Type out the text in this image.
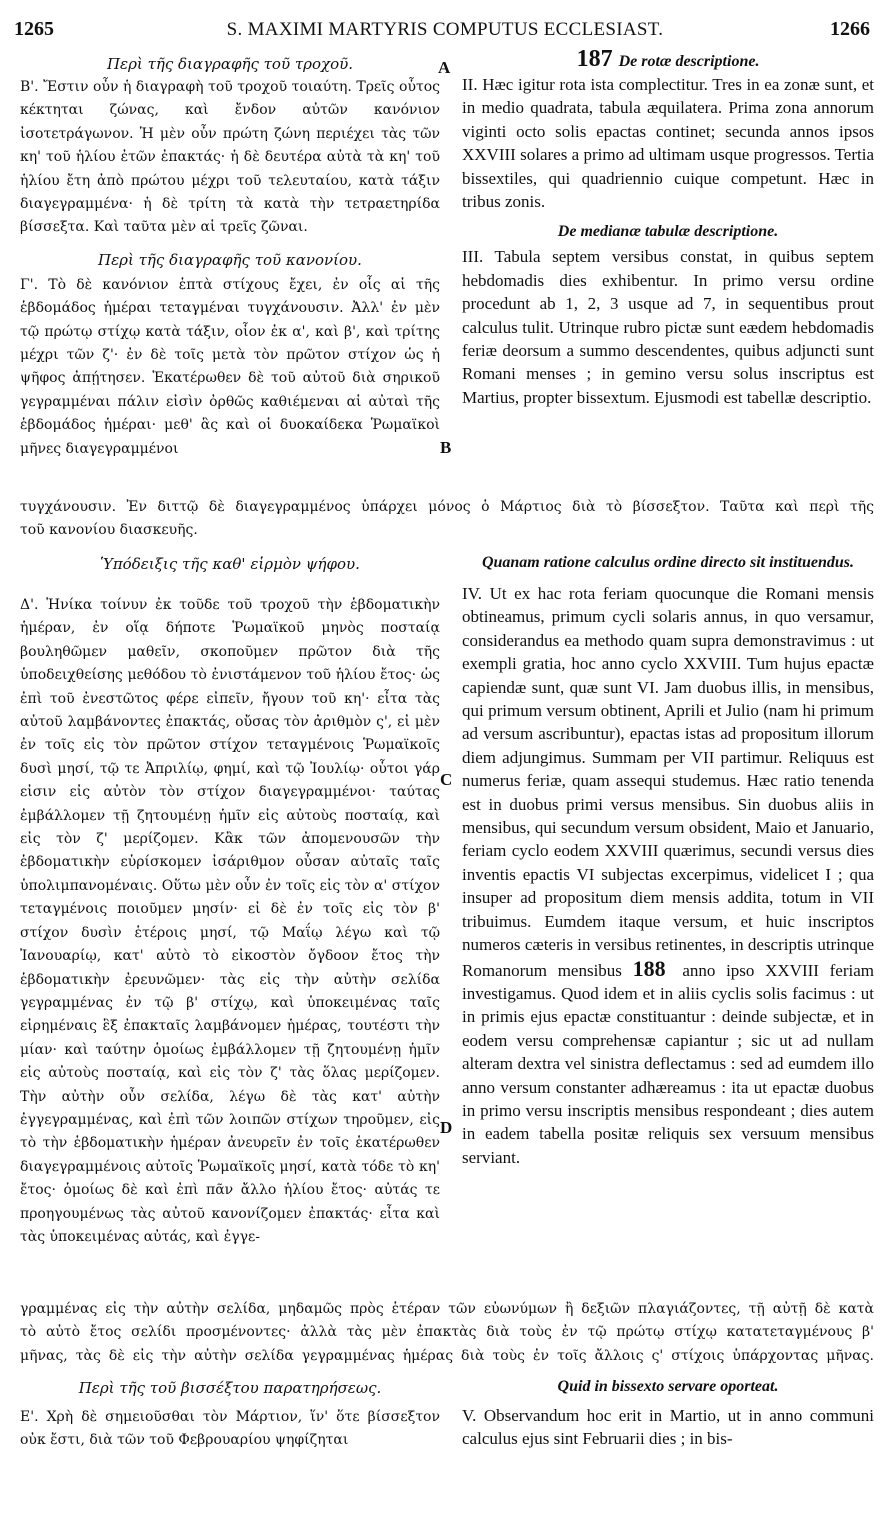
1265	S. MAXIMI MARTYRIS COMPUTUS ECCLESIAST.	1266
A
B
C
D

Περὶ τῆς διαγραφῆς τοῦ τροχοῦ.

Β'. Ἔστιν οὖν ἡ διαγραφὴ τοῦ τροχοῦ τοιαύτη. Τρεῖς οὗτος κέκτηται ζώνας, καὶ ἔνδον αὐτῶν κανόνιον ἰσοτετράγωνον. Ἡ μὲν οὖν πρώτη ζώνη περιέχει τὰς τῶν κη' τοῦ ἡλίου ἐτῶν ἐπακτάς· ἡ δὲ δευτέρα αὐτὰ τὰ κη' τοῦ ἡλίου ἔτη ἀπὸ πρώτου μέχρι τοῦ τελευταίου, κατὰ τάξιν διαγεγραμμένα· ἡ δὲ τρίτη τὰ κατὰ τὴν τετραετηρίδα βίσσεξτα. Καὶ ταῦτα μὲν αἱ τρεῖς ζῶναι.

Περὶ τῆς διαγραφῆς τοῦ κανονίου.

Γ'. Τὸ δὲ κανόνιον ἑπτὰ στίχους ἔχει, ἐν οἷς αἱ τῆς ἑβδομάδος ἡμέραι τεταγμέναι τυγχάνουσιν. Ἀλλ' ἐν μὲν τῷ πρώτῳ στίχῳ κατὰ τάξιν, οἷον ἐκ α', καὶ β', καὶ τρίτης μέχρι τῶν ζ'· ἐν δὲ τοῖς μετὰ τὸν πρῶτον στίχον ὡς ἡ ψῆφος ἀπῄτησεν. Ἑκατέρωθεν δὲ τοῦ αὐτοῦ διὰ σηρικοῦ γεγραμμέναι πάλιν εἰσὶν ὀρθῶς καθιέμεναι αἱ αὐταὶ τῆς ἑβδομάδος ἡμέραι· μεθ' ἃς καὶ οἱ δυοκαίδεκα Ῥωμαϊκοὶ μῆνες διαγεγραμμένοι

187 De rotæ descriptione.

II. Hæc igitur rota ista complectitur. Tres in ea zonæ sunt, et in medio quadrata, tabula æquilatera. Prima zona annorum viginti octo solis epactas continet; secunda annos ipsos XXVIII solares a primo ad ultimam usque progressos. Tertia bissextiles, qui quadriennio cuique competunt. Hæc in tribus zonis.

De medianæ tabulæ descriptione.

III. Tabula septem versibus constat, in quibus septem hebdomadis dies exhibentur. In primo versu ordine procedunt ab 1, 2, 3 usque ad 7, in sequentibus prout calculus tulit. Utrinque rubro pictæ sunt eædem hebdomadis feriæ deorsum a summo descendentes, quibus adjuncti sunt Romani menses ; in gemino versu solus inscriptus est Martius, propter bissextum. Ejusmodi est tabellæ descriptio.

τυγχάνουσιν. Ἐν διττῷ δὲ διαγεγραμμένος ὑπάρχει μόνος ὁ Μάρτιος διὰ τὸ βίσσεξτον. Ταῦτα καὶ περὶ τῆς
τοῦ κανονίου διασκευῆς.

Ὑπόδειξις τῆς καθ' εἱρμὸν ψήφου.

Δ'. Ἡνίκα τοίνυν ἐκ τοῦδε τοῦ τροχοῦ τὴν ἑβδοματικὴν ἡμέραν, ἐν οἵᾳ δήποτε Ῥωμαϊκοῦ μηνὸς ποσταίᾳ βουληθῶμεν μαθεῖν, σκοποῦμεν πρῶτον διὰ τῆς ὑποδειχθείσης μεθόδου τὸ ἐνιστάμενον τοῦ ἡλίου ἔτος· ὡς ἐπὶ τοῦ ἐνεστῶτος φέρε εἰπεῖν, ἤγουν τοῦ κη'· εἶτα τὰς αὐτοῦ λαμβάνοντες ἐπακτάς, οὔσας τὸν ἀριθμὸν ς', εἰ μὲν ἐν τοῖς εἰς τὸν πρῶτον στίχον τεταγμένοις Ῥωμαϊκοῖς δυσὶ μησί, τῷ τε Ἀπριλίῳ, φημί, καὶ τῷ Ἰουλίῳ· οὗτοι γάρ εἰσιν εἰς αὐτὸν τὸν στίχον διαγεγραμμένοι· ταύτας ἐμβάλλομεν τῇ ζητουμένῃ ἡμῖν εἰς αὐτοὺς ποσταίᾳ, καὶ εἰς τὸν ζ' μερίζομεν. Κἂκ τῶν ἀπομενουσῶν τὴν ἑβδοματικὴν εὑρίσκομεν ἰσάριθμον οὖσαν αὐταῖς ταῖς ὑπολιμπανομέναις. Οὕτω μὲν οὖν ἐν τοῖς εἰς τὸν α' στίχον τεταγμένοις ποιοῦμεν μησίν· εἰ δὲ ἐν τοῖς εἰς τὸν β' στίχον δυσὶν ἑτέροις μησί, τῷ Μαΐῳ λέγω καὶ τῷ Ἰανουαρίῳ, κατ' αὐτὸ τὸ εἰκοστὸν ὄγδοον ἔτος τὴν ἑβδοματικὴν ἐρευνῶμεν· τὰς εἰς τὴν αὐτὴν σελίδα γεγραμμένας ἐν τῷ β' στίχῳ, καὶ ὑποκειμένας ταῖς εἰρημέναις ἓξ ἐπακταῖς λαμβάνομεν ἡμέρας, τουτέστι τὴν μίαν· καὶ ταύτην ὁμοίως ἐμβάλλομεν τῇ ζητουμένῃ ἡμῖν εἰς αὐτοὺς ποσταίᾳ, καὶ εἰς τὸν ζ' τὰς ὅλας μερίζομεν. Τὴν αὐτὴν οὖν σελίδα, λέγω δὲ τὰς κατ' αὐτὴν ἐγγεγραμμένας, καὶ ἐπὶ τῶν λοιπῶν στίχων τηροῦμεν, εἰς τὸ τὴν ἑβδοματικὴν ἡμέραν ἀνευρεῖν ἐν τοῖς ἑκατέρωθεν διαγεγραμμένοις αὐτοῖς Ῥωμαϊκοῖς μησί, κατὰ τόδε τὸ κη' ἔτος· ὁμοίως δὲ καὶ ἐπὶ πᾶν ἄλλο ἡλίου ἔτος· αὐτάς τε προηγουμένως τὰς αὐτοῦ κανονίζομεν ἐπακτάς· εἶτα καὶ τὰς ὑποκειμένας αὐτάς, καὶ ἐγγε-

Quanam ratione calculus ordine directo sit instituendus.

IV. Ut ex hac rota feriam quocunque die Romani mensis obtineamus, primum cycli solaris annus, in quo versamur, considerandus ea methodo quam supra demonstravimus : ut exempli gratia, hoc anno cyclo XXVIII. Tum hujus epactæ capiendæ sunt, quæ sunt VI. Jam duobus illis, in mensibus, qui primum versum obtinent, Aprili et Julio (nam hi primum ad versum ascribuntur), epactas istas ad propositum illorum diem adjungimus. Summam per VII partimur. Reliquus est numerus feriæ, quam assequi studemus. Hæc ratio tenenda est in duobus primi versus mensibus. Sin duobus aliis in mensibus, qui secundum versum obsident, Maio et Januario, feriam cyclo eodem XXVIII quærimus, secundi versus dies inventis epactis VI subjectas excerpimus, videlicet I ; qua insuper ad propositum diem mensis addita, totum in VII tribuimus. Eumdem itaque versum, et huic inscriptos numeros cæteris in versibus retinentes, in descriptis utrinque Romanorum mensibus 188 anno ipso XXVIII feriam investigamus. Quod idem et in aliis cyclis solis facimus : ut in primis ejus epactæ constituantur : deinde subjectæ, et in eodem versu comprehensæ capiantur ; sic ut ad nullam alteram dextra vel sinistra deflectamus : sed ad eumdem illo anno versum constanter adhæreamus : ita ut epactæ duobus in primo versu inscriptis mensibus respondeant ; dies autem in eadem tabella positæ reliquis sex versuum mensibus serviant.

γραμμένας εἰς τὴν αὐτὴν σελίδα, μηδαμῶς πρὸς ἑτέραν τῶν εὐωνύμων ἢ δεξιῶν πλαγιάζοντες, τῇ αὐτῇ δὲ κατὰ
τὸ αὐτὸ ἔτος σελίδι προσμένοντες· ἀλλὰ τὰς μὲν ἐπακτὰς διὰ τοὺς ἐν τῷ πρώτῳ στίχῳ κατατεταγμένους β'
μῆνας, τὰς δὲ εἰς τὴν αὐτὴν σελίδα γεγραμμένας ἡμέρας διὰ τοὺς ἐν τοῖς ἄλλοις ς' στίχοις ὑπάρχοντας μῆνας.

Περὶ τῆς τοῦ βισσέξτου παρατηρήσεως.

Ε'. Χρὴ δὲ σημειοῦσθαι τὸν Μάρτιον, ἵν' ὅτε βίσσεξτον οὐκ ἔστι, διὰ τῶν τοῦ Φεβρουαρίου ψηφίζηται

Quid in bissexto servare oporteat.

V. Observandum hoc erit in Martio, ut in anno communi calculus ejus sint Februarii dies ; in bis-
